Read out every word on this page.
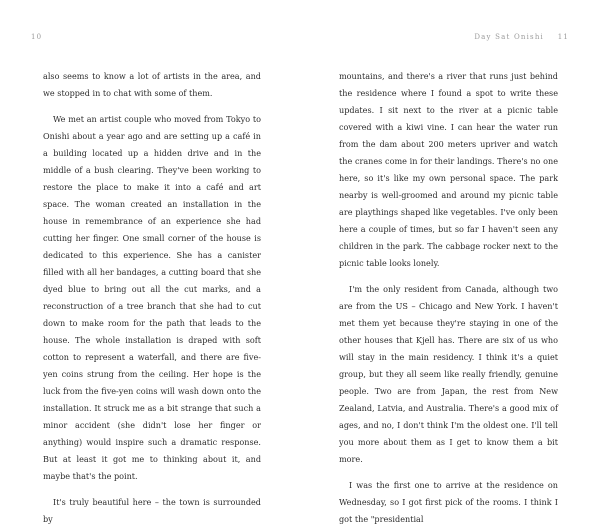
10

also seems to know a lot of artists in the area, and we stopped in to chat with some of them.

We met an artist couple who moved from Tokyo to Onishi about a year ago and are setting up a café in a building located up a hidden drive and in the middle of a bush clearing. They've been working to restore the place to make it into a café and art space. The woman created an installation in the house in remembrance of an experience she had cutting her finger. One small corner of the house is dedicated to this experience. She has a canister filled with all her bandages, a cutting board that she dyed blue to bring out all the cut marks, and a reconstruction of a tree branch that she had to cut down to make room for the path that leads to the house. The whole installation is draped with soft cotton to represent a waterfall, and there are five-yen coins strung from the ceiling. Her hope is the luck from the five-yen coins will wash down onto the installation. It struck me as a bit strange that such a minor accident (she didn't lose her finger or anything) would inspire such a dramatic response. But at least it got me to thinking about it, and maybe that's the point.

It's truly beautiful here – the town is surrounded by

Day Sat Onishi 11

mountains, and there's a river that runs just behind the residence where I found a spot to write these updates. I sit next to the river at a picnic table covered with a kiwi vine. I can hear the water run from the dam about 200 meters upriver and watch the cranes come in for their landings. There's no one here, so it's like my own personal space. The park nearby is well-groomed and around my picnic table are playthings shaped like vegetables. I've only been here a couple of times, but so far I haven't seen any children in the park. The cabbage rocker next to the picnic table looks lonely.

I'm the only resident from Canada, although two are from the US – Chicago and New York. I haven't met them yet because they're staying in one of the other houses that Kjell has. There are six of us who will stay in the main residency. I think it's a quiet group, but they all seem like really friendly, genuine people. Two are from Japan, the rest from New Zealand, Latvia, and Australia. There's a good mix of ages, and no, I don't think I'm the oldest one. I'll tell you more about them as I get to know them a bit more.

I was the first one to arrive at the residence on Wednesday, so I got first pick of the rooms. I think I got the "presidential
